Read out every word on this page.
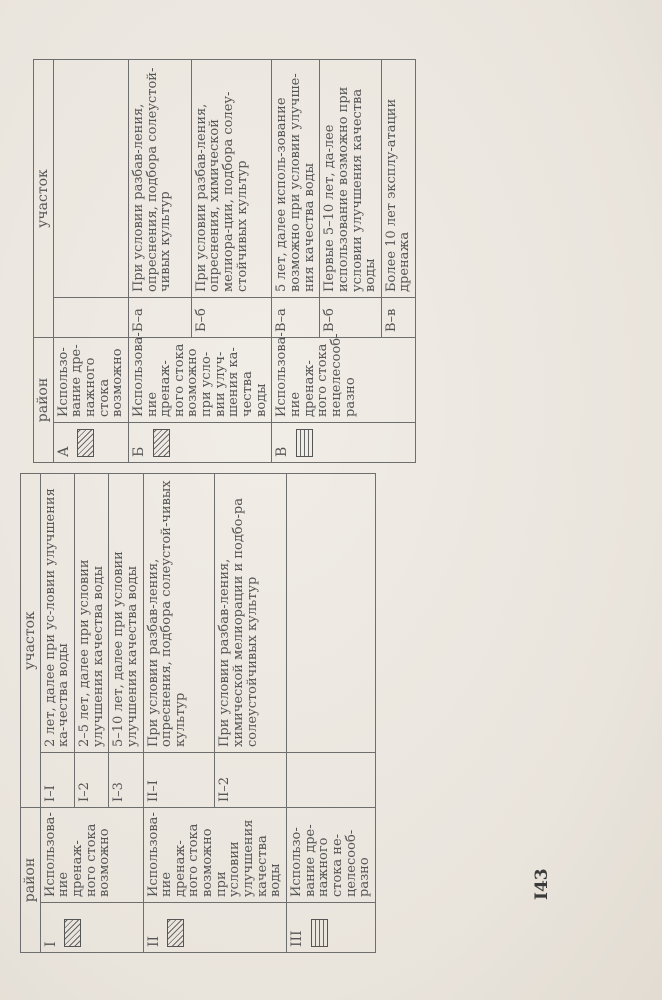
район		участок	

I	Использова-ние дренаж-ного стока возможно	I–I	2 лет, далее при ус-ловии улучшения ка-чества воды
		I–2	2–5 лет, далее при условии улучшения качества воды
		I–3	5–10 лет, далее при условии улучшения качества воды

II	Использова-ние дренаж-ного стока возможно при условии улучшения качества воды	II–I	При условии разбав-ления, опреснения, подбора солеустой-чивых культур
		II–2	При условии разбав-ления, химической мелиорации и подбо-ра солеустойчивых культур

III	Использо-вание дре-нажного стока не-целесооб-разно		
район		участок	

А	Использо-вание дре-нажного стока возможно		

Б	Использова-ние дренаж-ного стока возможно при усло-вии улуч-шения ка-чества воды	Б–а	При условии разбав-ления, опреснения, подбора солеустой-чивых культур
		Б–б	При условии разбав-ления, опреснения, химической мелиора-ции, подбора солеу-стойчивых культур

В	Использова-ние дренаж-ного стока нецелесооб-разно	В–а	5 лет, далее исполь-зование возможно при условии улучше-ния качества воды
		В–б	Первые 5–10 лет, да-лее использование возможно при условии улучшения качества воды
		В–в	Более 10 лет эксплу-атации дренажа
I43
